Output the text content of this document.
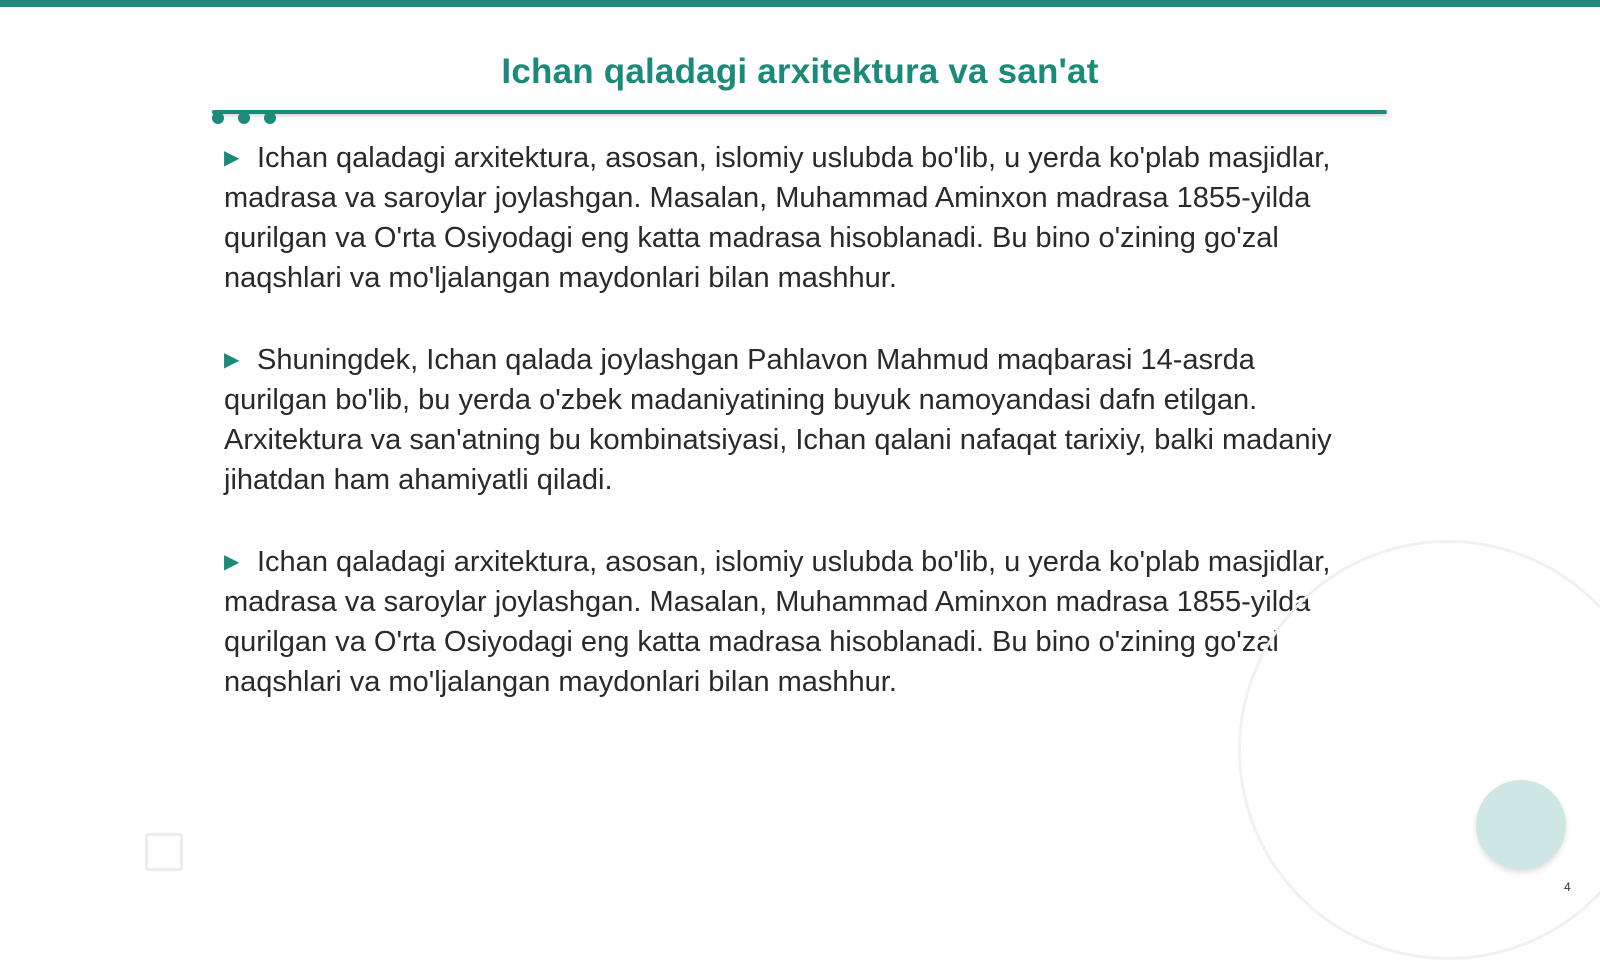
Ichan qaladagi arxitektura va san'at

▶ Ichan qaladagi arxitektura, asosan, islomiy uslubda bo'lib, u yerda ko'plab masjidlar, madrasa va saroylar joylashgan. Masalan, Muhammad Aminxon madrasa 1855-yilda qurilgan va O'rta Osiyodagi eng katta madrasa hisoblanadi. Bu bino o'zining go'zal naqshlari va mo'ljalangan maydonlari bilan mashhur.

▶ Shuningdek, Ichan qalada joylashgan Pahlavon Mahmud maqbarasi 14-asrda qurilgan bo'lib, bu yerda o'zbek madaniyatining buyuk namoyandasi dafn etilgan. Arxitektura va san'atning bu kombinatsiyasi, Ichan qalani nafaqat tarixiy, balki madaniy jihatdan ham ahamiyatli qiladi.

▶ Ichan qaladagi arxitektura, asosan, islomiy uslubda bo'lib, u yerda ko'plab masjidlar, madrasa va saroylar joylashgan. Masalan, Muhammad Aminxon madrasa 1855-yilda qurilgan va O'rta Osiyodagi eng katta madrasa hisoblanadi. Bu bino o'zining go'zal naqshlari va mo'ljalangan maydonlari bilan mashhur.

4
